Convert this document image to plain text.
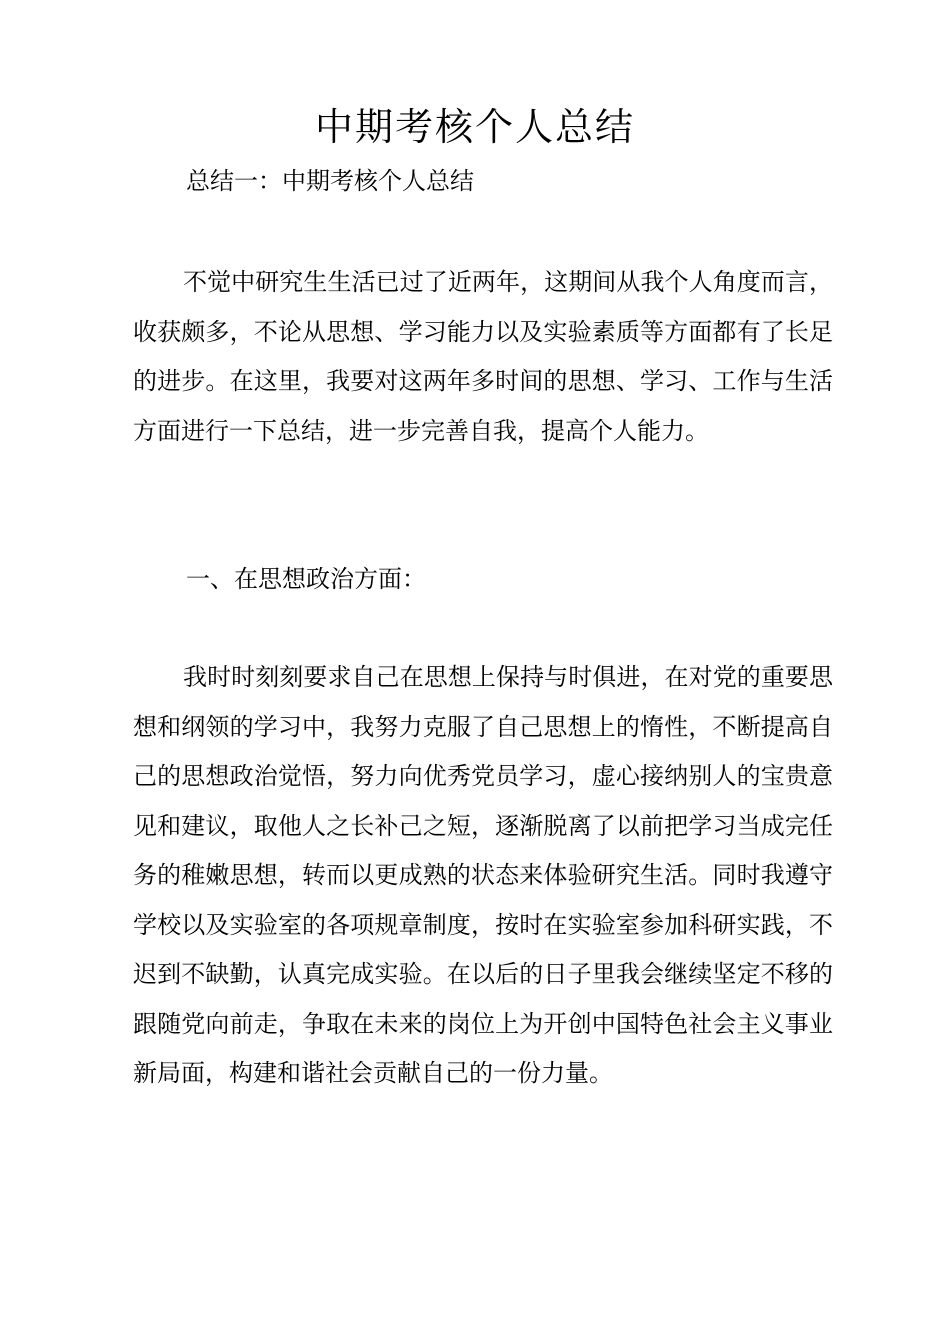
中期考核个人总结
总结一：中期考核个人总结

不觉中研究生生活已过了近两年，这期间从我个人角度而言，收获颇多，不论从思想、学习能力以及实验素质等方面都有了长足的进步。在这里，我要对这两年多时间的思想、学习、工作与生活方面进行一下总结，进一步完善自我，提高个人能力。

一、在思想政治方面：

我时时刻刻要求自己在思想上保持与时俱进，在对党的重要思想和纲领的学习中，我努力克服了自己思想上的惰性，不断提高自己的思想政治觉悟，努力向优秀党员学习，虚心接纳别人的宝贵意见和建议，取他人之长补己之短，逐渐脱离了以前把学习当成完任务的稚嫩思想，转而以更成熟的状态来体验研究生活。同时我遵守学校以及实验室的各项规章制度，按时在实验室参加科研实践，不迟到不缺勤，认真完成实验。在以后的日子里我会继续坚定不移的跟随党向前走，争取在未来的岗位上为开创中国特色社会主义事业新局面，构建和谐社会贡献自己的一份力量。
